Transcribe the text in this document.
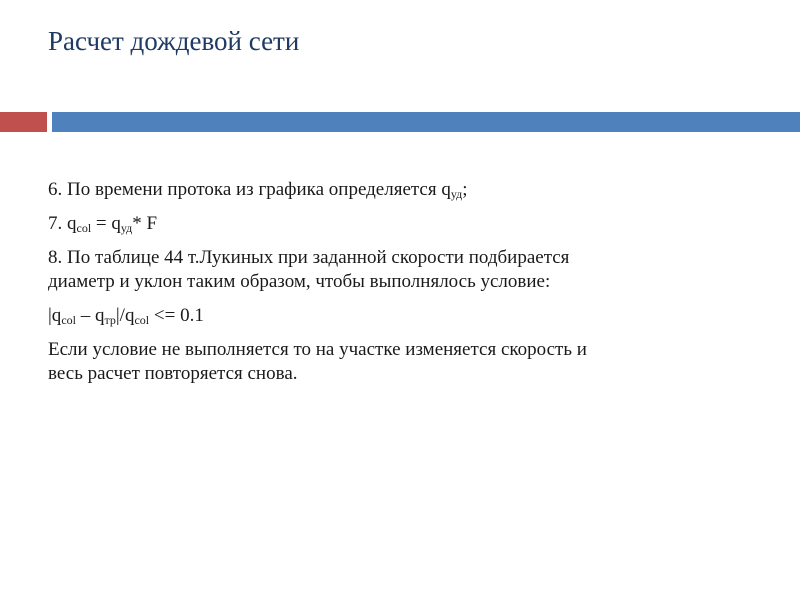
Расчет дождевой сети

6. По времени протока из графика определяется $q_{уд}$;

7. $q_{col} = q_{уд}*$ F

8. По таблице 44 т.Лукиных при заданной скорости подбирается
диаметр и уклон таким образом, чтобы выполнялось условие:

$|q_{col} - q_{тр}|/q_{col} <= 0.1$

Если условие не выполняется то на участке изменяется скорость и
весь расчет повторяется снова.
